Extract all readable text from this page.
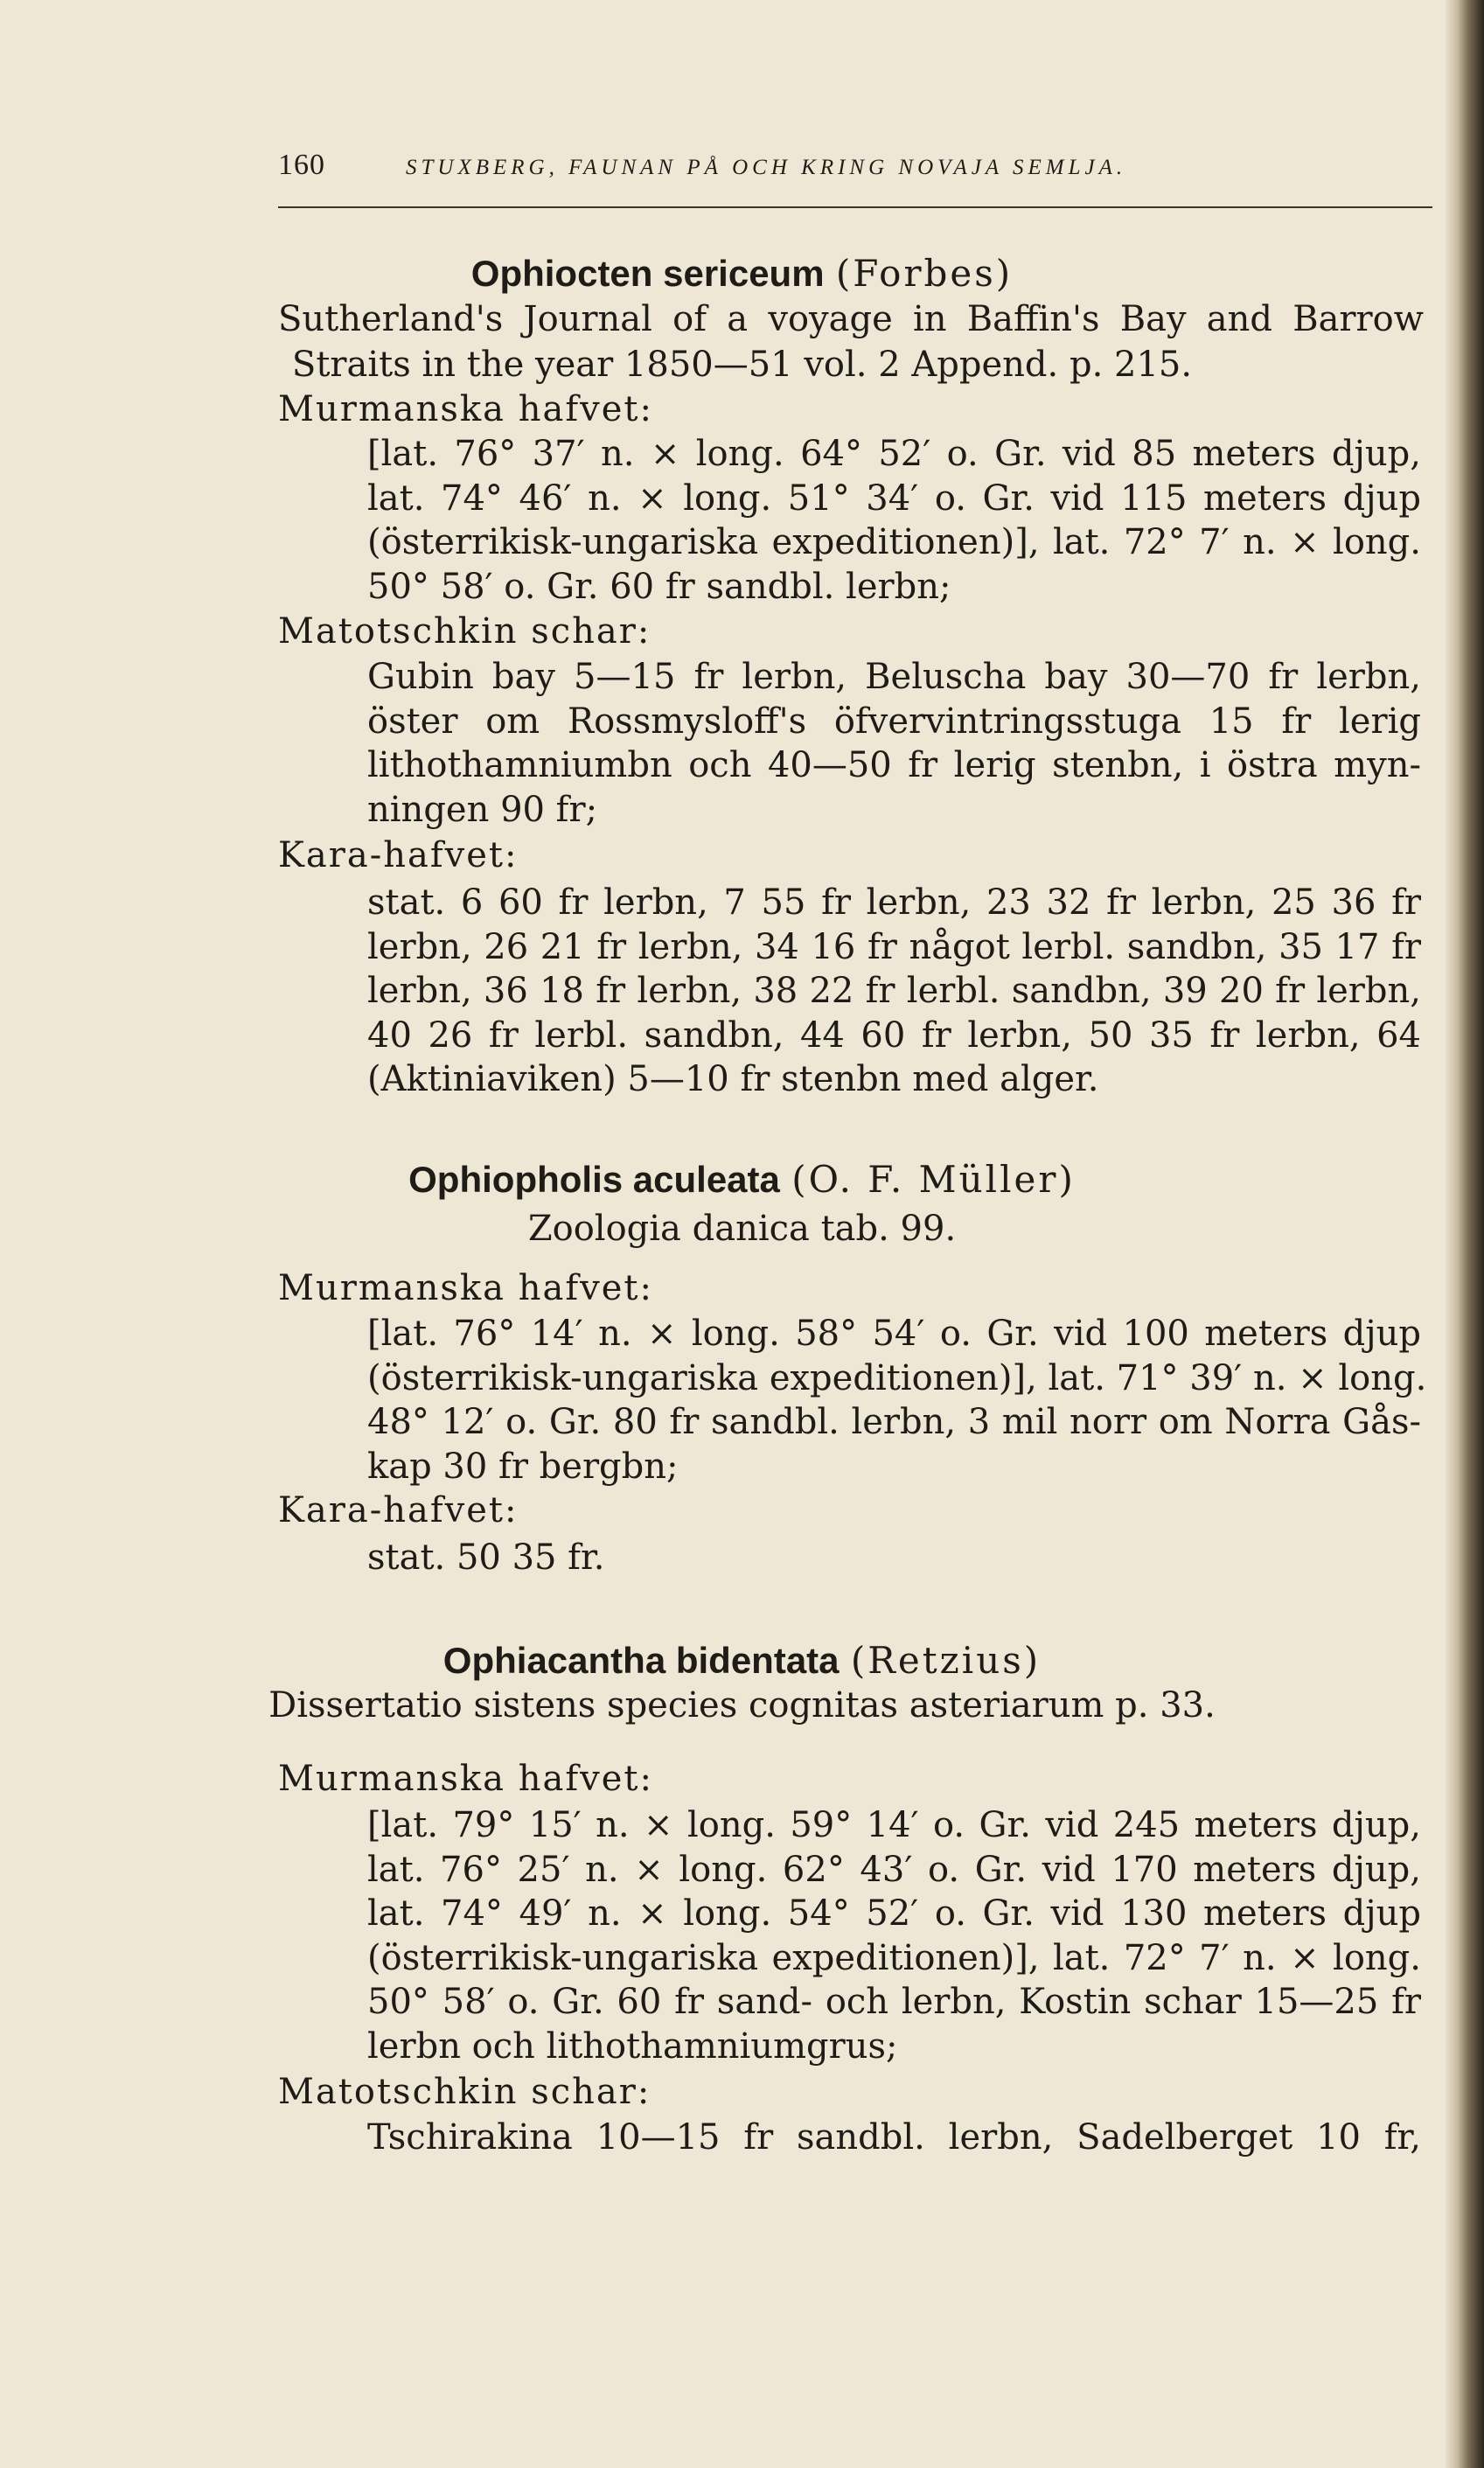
160	STUXBERG, FAUNAN PÅ OCH KRING NOVAJA SEMLJA.
Ophiocten sericeum (Forbes)
Sutherland's Journal of a voyage in Baffin's Bay and Barrow
Straits in the year 1850—51 vol. 2 Append. p. 215.
Murmanska hafvet:
[lat. 76° 37′ n. × long. 64° 52′ o. Gr. vid 85 meters djup,
lat. 74° 46′ n. × long. 51° 34′ o. Gr. vid 115 meters djup
(österrikisk-ungariska expeditionen)], lat. 72° 7′ n. × long.
50° 58′ o. Gr. 60 fr sandbl. lerbn;
Matotschkin schar:
Gubin bay 5—15 fr lerbn, Beluscha bay 30—70 fr lerbn,
öster om Rossmysloff's öfvervintringsstuga 15 fr lerig
lithothamniumbn och 40—50 fr lerig stenbn, i östra myn-
ningen 90 fr;
Kara-hafvet:
stat. 6 60 fr lerbn, 7 55 fr lerbn, 23 32 fr lerbn, 25 36 fr
lerbn, 26 21 fr lerbn, 34 16 fr något lerbl. sandbn, 35 17 fr
lerbn, 36 18 fr lerbn, 38 22 fr lerbl. sandbn, 39 20 fr lerbn,
40 26 fr lerbl. sandbn, 44 60 fr lerbn, 50 35 fr lerbn, 64
(Aktiniaviken) 5—10 fr stenbn med alger.
Ophiopholis aculeata (O. F. Müller)
Zoologia danica tab. 99.
Murmanska hafvet:
[lat. 76° 14′ n. × long. 58° 54′ o. Gr. vid 100 meters djup
(österrikisk-ungariska expeditionen)], lat. 71° 39′ n. × long.
48° 12′ o. Gr. 80 fr sandbl. lerbn, 3 mil norr om Norra Gås-
kap 30 fr bergbn;
Kara-hafvet:
stat. 50 35 fr.
Ophiacantha bidentata (Retzius)
Dissertatio sistens species cognitas asteriarum p. 33.
Murmanska hafvet:
[lat. 79° 15′ n. × long. 59° 14′ o. Gr. vid 245 meters djup,
lat. 76° 25′ n. × long. 62° 43′ o. Gr. vid 170 meters djup,
lat. 74° 49′ n. × long. 54° 52′ o. Gr. vid 130 meters djup
(österrikisk-ungariska expeditionen)], lat. 72° 7′ n. × long.
50° 58′ o. Gr. 60 fr sand- och lerbn, Kostin schar 15—25 fr
lerbn och lithothamniumgrus;
Matotschkin schar:
Tschirakina 10—15 fr sandbl. lerbn, Sadelberget 10 fr,
